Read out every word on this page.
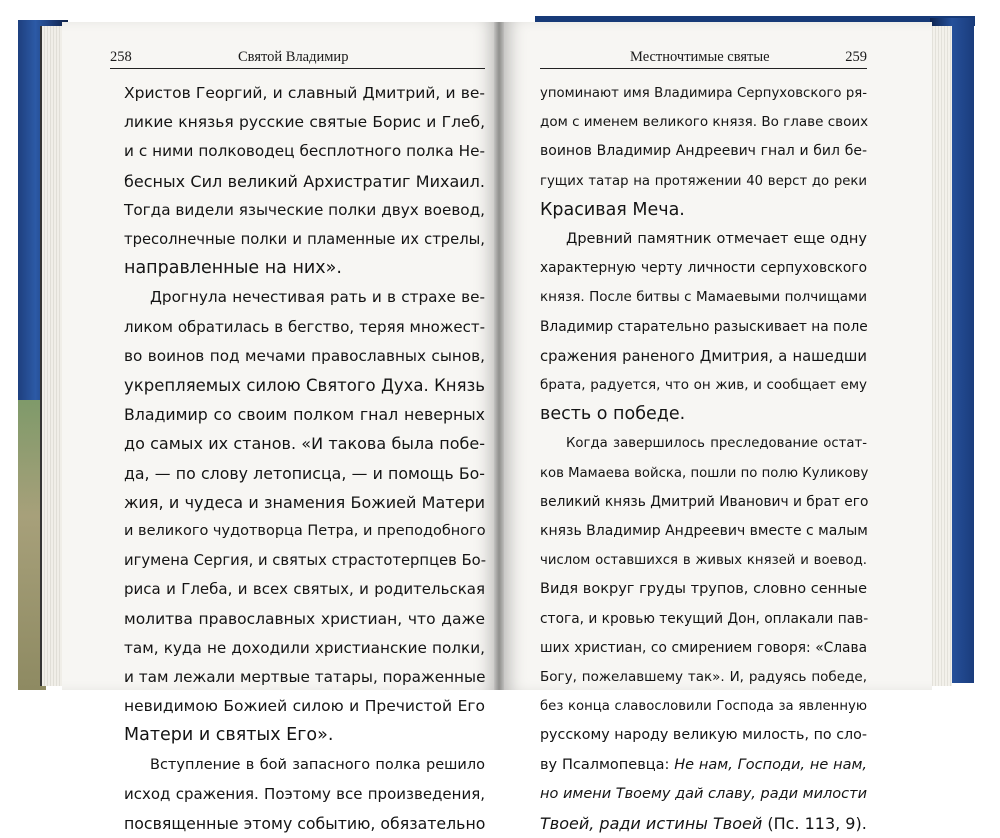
258	Святой Владимир	Местночтимые святые	259
Христов Георгий, и славный Дмитрий, и ве-
ликие князья русские святые Борис и Глеб,
и с ними полководец бесплотного полка Не-
бесных Сил великий Архистратиг Михаил.
Тогда видели языческие полки двух воевод,
тресолнечные полки и пламенные их стрелы,
направленные на них».
Дрогнула нечестивая рать и в страхе ве-
ликом обратилась в бегство, теряя множест-
во воинов под мечами православных сынов,
укрепляемых силою Святого Духа. Князь
Владимир со своим полком гнал неверных
до самых их станов. «И такова была побе-
да, — по слову летописца, — и помощь Бо-
жия, и чудеса и знамения Божией Матери
и великого чудотворца Петра, и преподобного
игумена Сергия, и святых страстотерпцев Бо-
риса и Глеба, и всех святых, и родительская
молитва православных христиан, что даже
там, куда не доходили христианские полки,
и там лежали мертвые татары, пораженные
невидимою Божией силою и Пречистой Его
Матери и святых Его».
Вступление в бой запасного полка решило
исход сражения. Поэтому все произведения,
посвященные этому событию, обязательно
упоминают имя Владимира Серпуховского ря-
дом с именем великого князя. Во главе своих
воинов Владимир Андреевич гнал и бил бе-
гущих татар на протяжении 40 верст до реки
Красивая Меча.
Древний памятник отмечает еще одну
характерную черту личности серпуховского
князя. После битвы с Мамаевыми полчищами
Владимир старательно разыскивает на поле
сражения раненого Дмитрия, а нашедши
брата, радуется, что он жив, и сообщает ему
весть о победе.
Когда завершилось преследование остат-
ков Мамаева войска, пошли по полю Куликову
великий князь Дмитрий Иванович и брат его
князь Владимир Андреевич вместе с малым
числом оставшихся в живых князей и воевод.
Видя вокруг груды трупов, словно сенные
стога, и кровью текущий Дон, оплакали пав-
ших христиан, со смирением говоря: «Слава
Богу, пожелавшему так». И, радуясь победе,
без конца славословили Господа за явленную
русскому народу великую милость, по сло-
ву Псалмопевца: Не нам, Господи, не нам,
но имени Твоему дай славу, ради милости
Твоей, ради истины Твоей (Пс. 113, 9).
